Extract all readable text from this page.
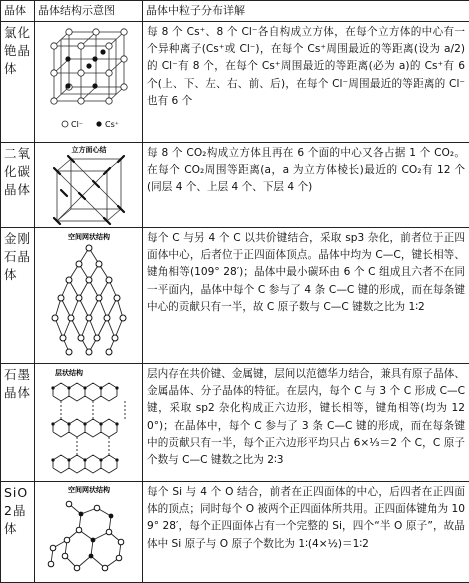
晶体	晶体结构示意图	晶体中粒子分布详解
氯化铯晶体	Cl⁻ Cs⁺	每 8 个 Cs⁺、8 个 Cl⁻各自构成立方体，在每个立方体的中心有一个异种离子(Cs⁺或 Cl⁻)，在每个 Cs⁺周围最近的等距离(设为 a/2)的 Cl⁻有 8 个，在每个 Cs⁺周围最近的等距离(必为 a)的 Cs⁺有 6 个(上、下、左、右、前、后)，在每个 Cl⁻周围最近的等距离的 Cl⁻也有 6 个
二氧化碳晶体	立方面心结	每 8 个 CO₂构成立方体且再在 6 个面的中心又各占据 1 个 CO₂。在每个 CO₂周围等距离(a，a 为立方体棱长)最近的 CO₂有 12 个(同层 4 个、上层 4 个、下层 4 个)
金刚石晶体	空间网状结构	每个 C 与另 4 个 C 以共价键结合，采取 sp3 杂化，前者位于正四面体中心，后者位于正四面体顶点。晶体中均为 C—C，键长相等、键角相等(109° 28′)；晶体中最小碳环由 6 个 C 组成且六者不在同一平面内，晶体中每个 C 参与了 4 条 C—C 键的形成，而在每条键中心的贡献只有一半，故 C 原子数与 C—C 键数之比为 1∶2
石墨晶体	层状结构	层内存在共价键、金属键，层间以范德华力结合，兼具有原子晶体、金属晶体、分子晶体的特征。在层内，每个 C 与 3 个 C 形成 C—C 键，采取 sp2 杂化构成正六边形，键长相等，键角相等(均为 120°)；在晶体中，每个 C 参与了 3 条 C—C 键的形成，而在每条键中的贡献只有一半，每个正六边形平均只占 6×⅓＝2 个 C，C 原子个数与 C—C 键数之比为 2∶3
SiO2晶体	空间网状结构	每个 Si 与 4 个 O 结合，前者在正四面体的中心，后四者在正四面体的顶点；同时每个 O 被两个正四面体所共用。正四面体键角为 109° 28′，每个正四面体占有一个完整的 Si，四个“半 O 原子”，故晶体中 Si 原子与 O 原子个数比为 1∶(4×½)＝1∶2
